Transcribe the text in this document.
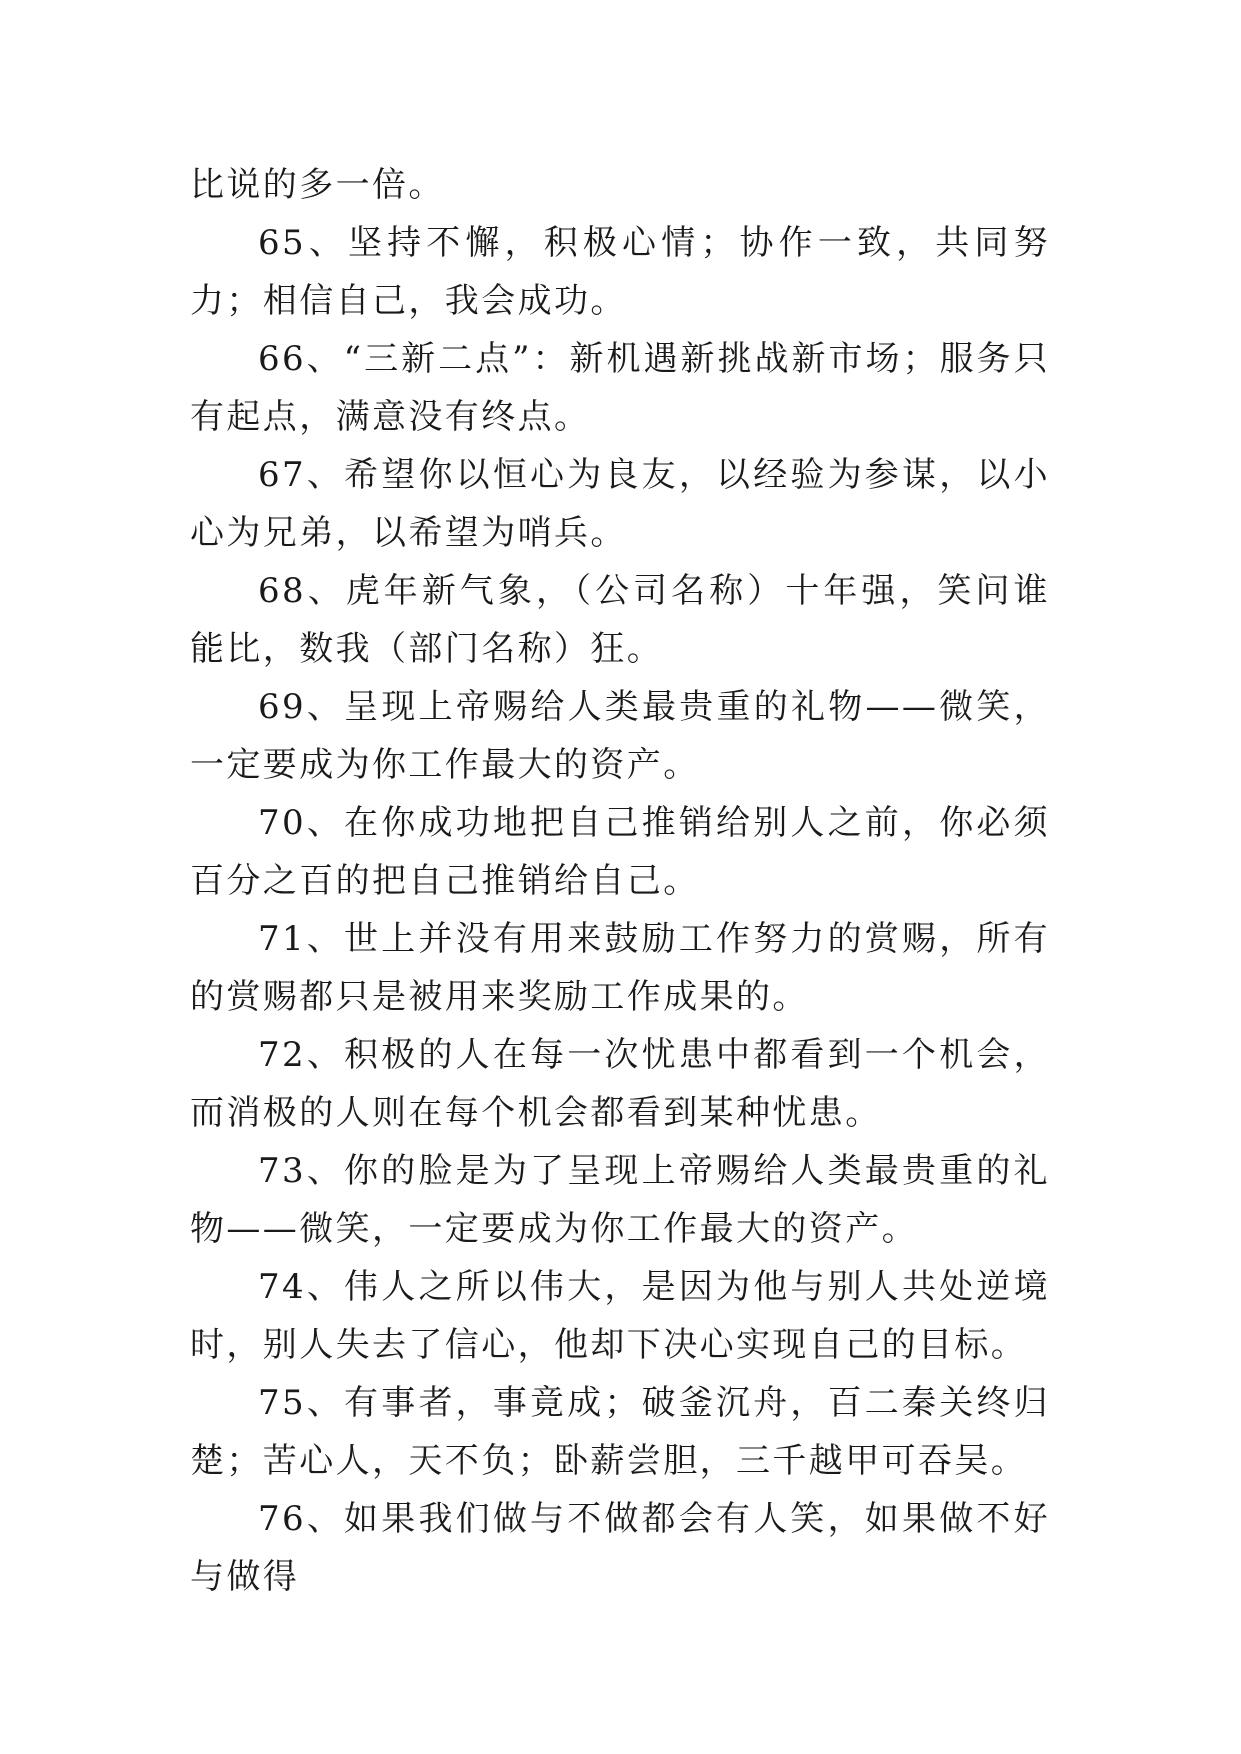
比说的多一倍。

65、坚持不懈，积极心情；协作一致，共同努力；相信自己，我会成功。

66、“三新二点”：新机遇新挑战新市场；服务只有起点，满意没有终点。

67、希望你以恒心为良友，以经验为参谋，以小心为兄弟，以希望为哨兵。

68、虎年新气象，（公司名称）十年强，笑问谁能比，数我（部门名称）狂。

69、呈现上帝赐给人类最贵重的礼物——微笑，一定要成为你工作最大的资产。

70、在你成功地把自己推销给别人之前，你必须百分之百的把自己推销给自己。

71、世上并没有用来鼓励工作努力的赏赐，所有的赏赐都只是被用来奖励工作成果的。

72、积极的人在每一次忧患中都看到一个机会，而消极的人则在每个机会都看到某种忧患。

73、你的脸是为了呈现上帝赐给人类最贵重的礼物——微笑，一定要成为你工作最大的资产。

74、伟人之所以伟大，是因为他与别人共处逆境时，别人失去了信心，他却下决心实现自己的目标。

75、有事者，事竟成；破釜沉舟，百二秦关终归楚；苦心人，天不负；卧薪尝胆，三千越甲可吞吴。

76、如果我们做与不做都会有人笑，如果做不好与做得
